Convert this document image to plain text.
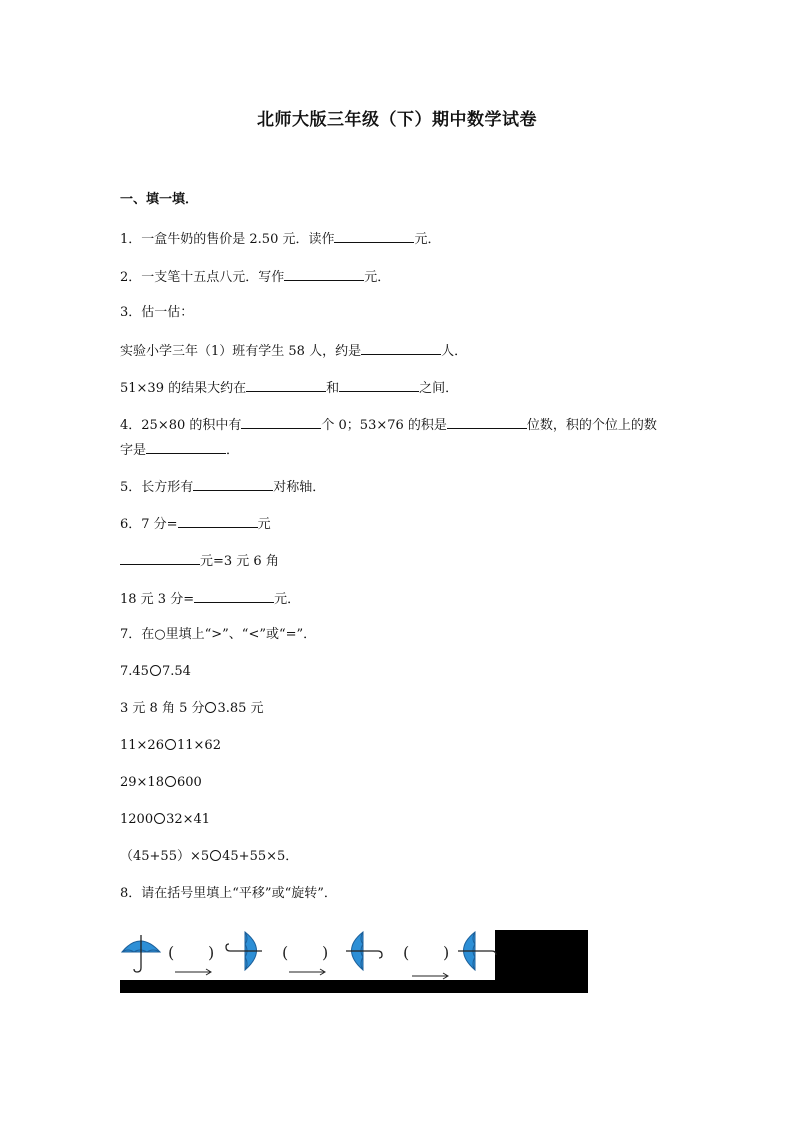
北师大版三年级（下）期中数学试卷
一、填一填．
1．一盒牛奶的售价是 2.50 元．读作	元．
2．一支笔十五点八元．写作	元．
3．估一估：
实验小学三年（1）班有学生 58 人，约是	人．
51×39 的结果大约在	和	之间．
4．25×80 的积中有	个 0；53×76 的积是	位数，积的个位上的数
字是	．
5．长方形有	对称轴．
6．7 分=	元
元=3 元 6 角
18 元 3 分=	元．
7．在○里填上“>”、“<”或“=”．
7.45 7.54
3 元 8 角 5 分 3.85 元
11×26 11×62
29×18 600
1200 32×41
（45+55）×5 45+55×5．
8．请在括号里填上“平移”或“旋转”．
( )	( )	( )
